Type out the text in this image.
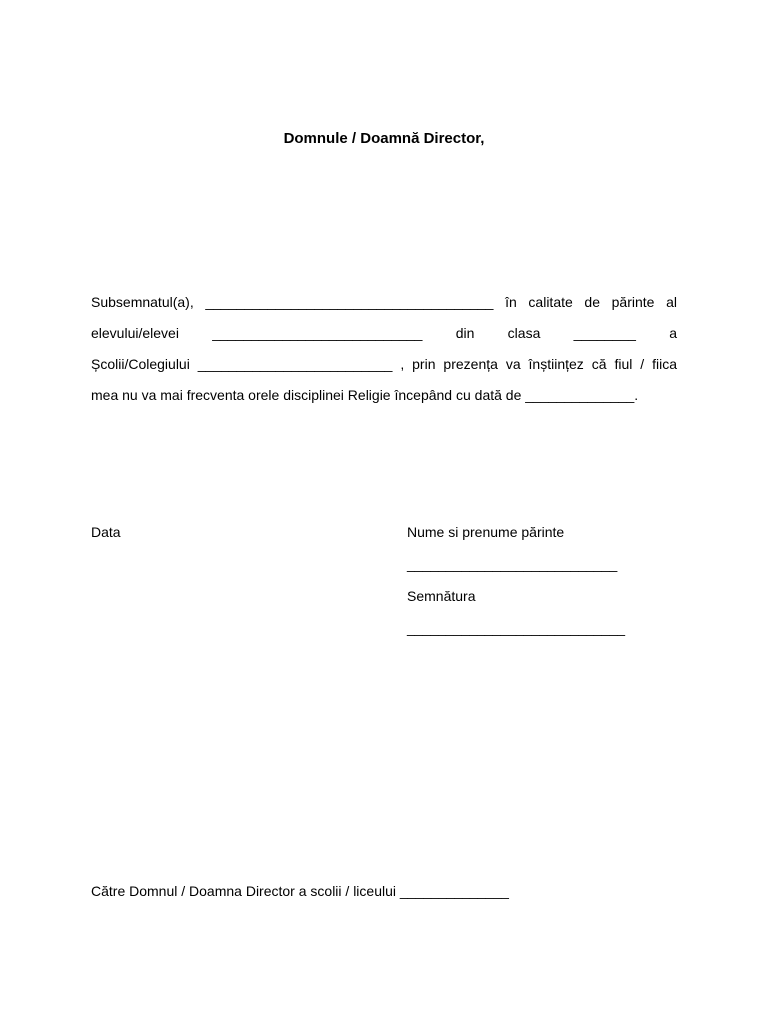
Domnule / Doamnă Director,
Subsemnatul(a), _____________________________________ în calitate de părinte al
elevului/elevei ___________________________ din clasa ________ a
Școlii/Colegiului _________________________ , prin prezența va înștiințez că fiul / fiica
mea nu va mai frecventa orele disciplinei Religie începând cu dată de ______________.
Data	Nume si prenume părinte
___________________________
Semnătura
____________________________
Către Domnul / Doamna Director a scolii / liceului ______________
